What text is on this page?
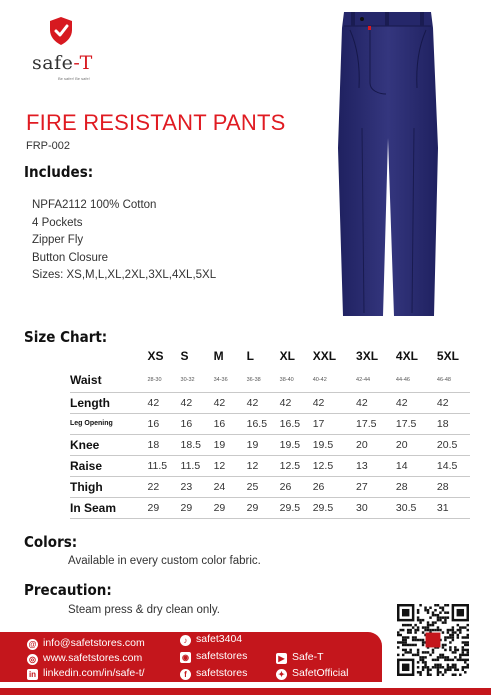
safe-T
Be safer! Be safe!
FIRE RESISTANT PANTS
FRP-002
Includes:
NPFA2112 100% Cotton
4 Pockets
Zipper Fly
Button Closure
Sizes: XS,M,L,XL,2XL,3XL,4XL,5XL
Size Chart:
	XS	S	M	L	XL	XXL	3XL	4XL	5XL
Waist	28-30	30-32	34-36	36-38	38-40	40-42	42-44	44-46	46-48

Length	42	42	42	42	42	42	42	42	42
Leg Opening	16	16	16	16.5	16.5	17	17.5	17.5	18
Knee	18	18.5	19	19	19.5	19.5	20	20	20.5
Raise	11.5	11.5	12	12	12.5	12.5	13	14	14.5
Thigh	22	23	24	25	26	26	27	28	28
In Seam	29	29	29	29	29.5	29.5	30	30.5	31
Colors:
Available in every custom color fabric.
Precaution:
Steam press & dry clean only.
@ info@safetstores.com
◎ www.safetstores.com
in linkedin.com/in/safe-t/
♪ safet3404
◉ safetstores
f safetstores
▶ Safe-T
✦ SafetOfficial
